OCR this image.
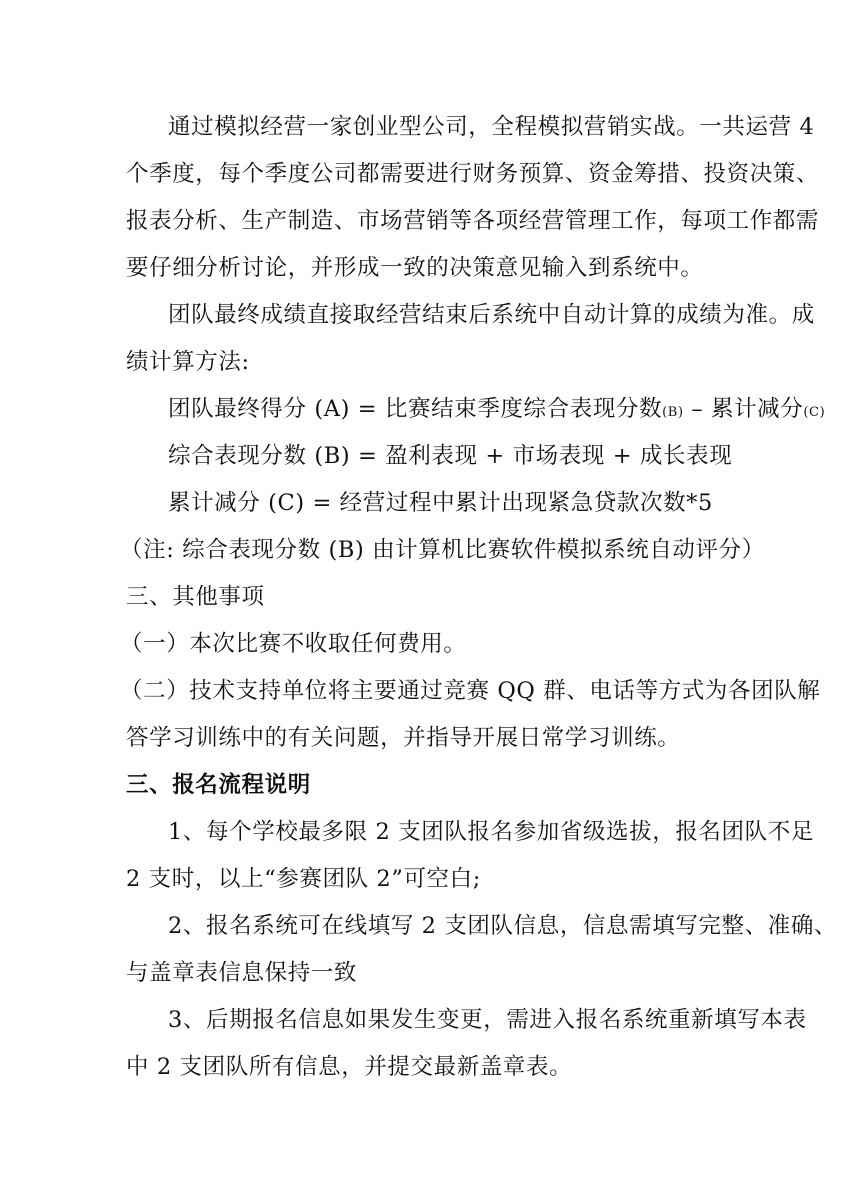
通过模拟经营一家创业型公司，全程模拟营销实战。一共运营 4
个季度，每个季度公司都需要进行财务预算、资金筹措、投资决策、
报表分析、生产制造、市场营销等各项经营管理工作，每项工作都需
要仔细分析讨论，并形成一致的决策意见输入到系统中。
团队最终成绩直接取经营结束后系统中自动计算的成绩为准。成
绩计算方法:
团队最终得分 (A) = 比赛结束季度综合表现分数(B) – 累计减分(C)
综合表现分数 (B) = 盈利表现 + 市场表现 + 成长表现
累计减分 (C) = 经营过程中累计出现紧急贷款次数*5
（注: 综合表现分数 (B) 由计算机比赛软件模拟系统自动评分）
三、其他事项
（一）本次比赛不收取任何费用。
（二）技术支持单位将主要通过竞赛 QQ 群、电话等方式为各团队解
答学习训练中的有关问题，并指导开展日常学习训练。
三、报名流程说明
1、每个学校最多限 2 支团队报名参加省级选拔，报名团队不足
2 支时，以上“参赛团队 2”可空白;
2、报名系统可在线填写 2 支团队信息，信息需填写完整、准确、
与盖章表信息保持一致
3、后期报名信息如果发生变更，需进入报名系统重新填写本表
中 2 支团队所有信息，并提交最新盖章表。
